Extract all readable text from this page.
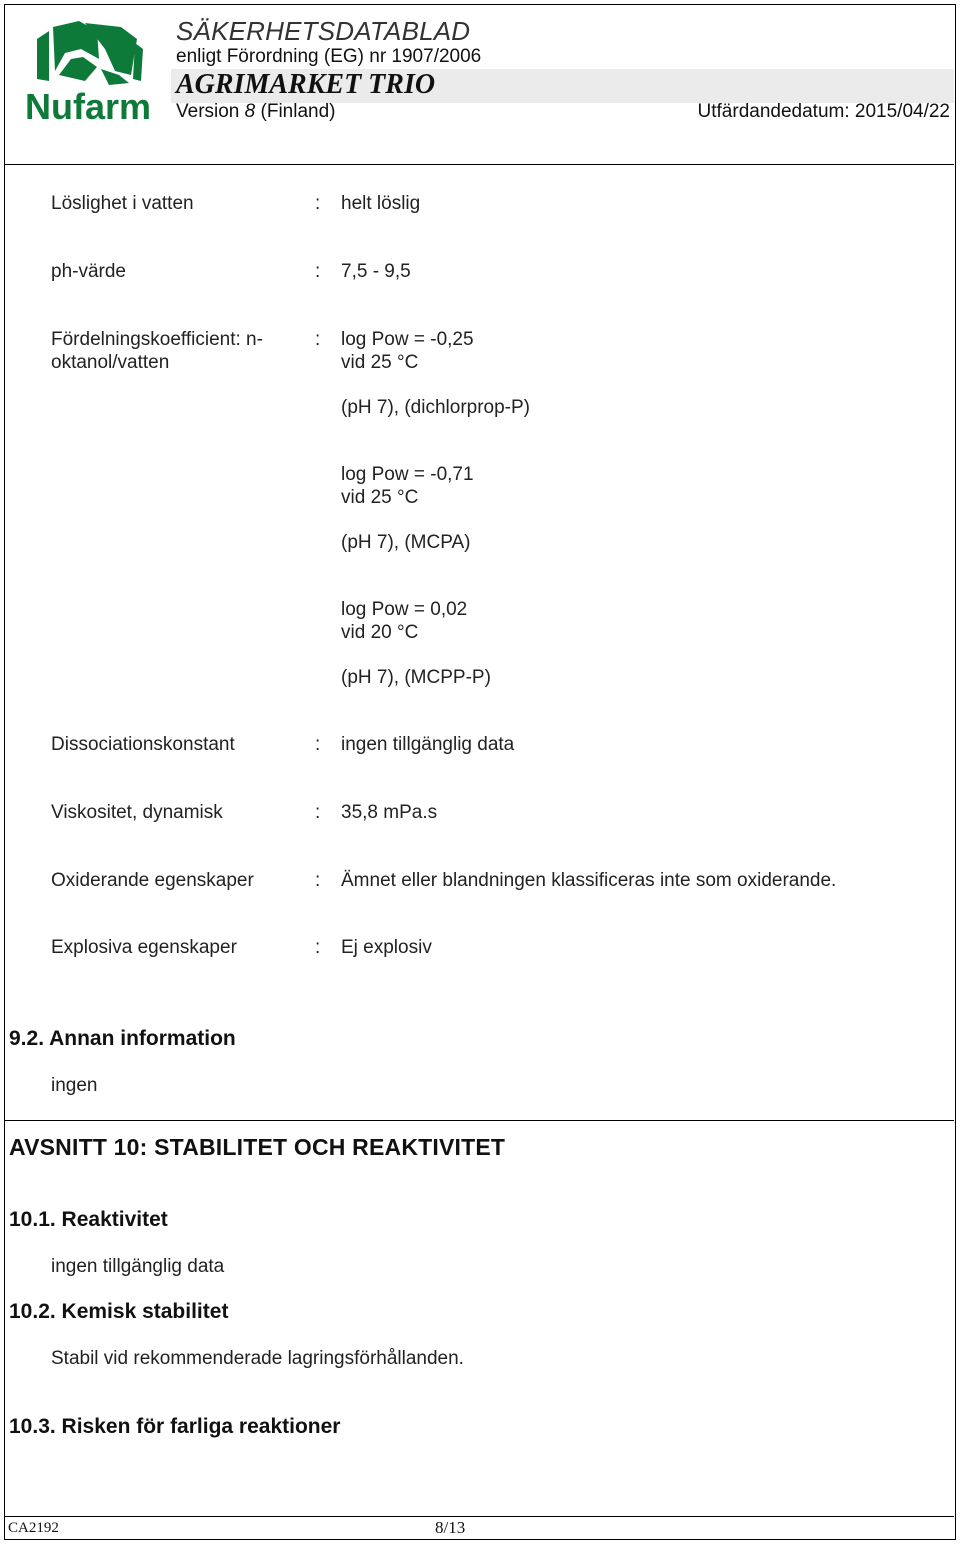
Nufarm
SÄKERHETSDATABLAD
enligt Förordning (EG) nr 1907/2006
AGRIMARKET TRIO
Version 8 (Finland)	Utfärdandedatum: 2015/04/22
Löslighet i vatten	: helt löslig
ph-värde	: 7,5 - 9,5
Fördelningskoefficient: n-
oktanol/vatten
: log Pow = -0,25
vid 25 °C
(pH 7), (dichlorprop-P)
log Pow = -0,71
vid 25 °C
(pH 7), (MCPA)
log Pow = 0,02
vid 20 °C
(pH 7), (MCPP-P)
Dissociationskonstant	: ingen tillgänglig data
Viskositet, dynamisk	: 35,8 mPa.s
Oxiderande egenskaper	: Ämnet eller blandningen klassificeras inte som oxiderande.
Explosiva egenskaper	: Ej explosiv
9.2. Annan information
ingen
AVSNITT 10: STABILITET OCH REAKTIVITET
10.1. Reaktivitet
ingen tillgänglig data
10.2. Kemisk stabilitet
Stabil vid rekommenderade lagringsförhållanden.
10.3. Risken för farliga reaktioner
CA2192	8/13
